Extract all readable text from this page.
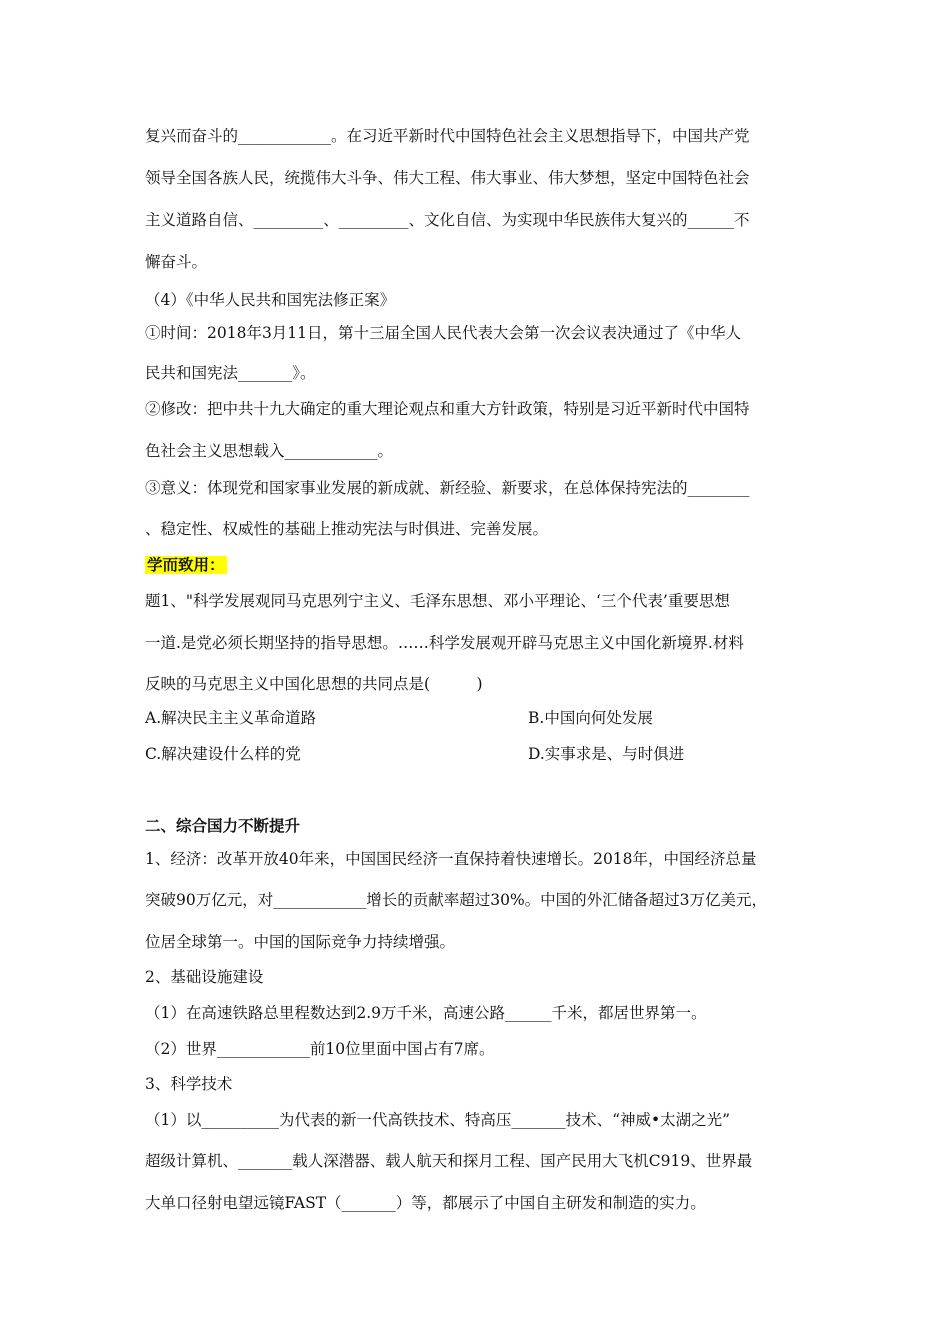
复兴而奋斗的____________。在习近平新时代中国特色社会主义思想指导下，中国共产党
领导全国各族人民，统揽伟大斗争、伟大工程、伟大事业、伟大梦想，坚定中国特色社会
主义道路自信、_________、_________、文化自信、为实现中华民族伟大复兴的______不
懈奋斗。
（4）《中华人民共和国宪法修正案》
①时间：2018年3月11日，第十三届全国人民代表大会第一次会议表决通过了《中华人
民共和国宪法_______》。
②修改：把中共十九大确定的重大理论观点和重大方针政策，特别是习近平新时代中国特
色社会主义思想载入____________。
③意义：体现党和国家事业发展的新成就、新经验、新要求，在总体保持宪法的________
、稳定性、权威性的基础上推动宪法与时俱进、完善发展。
学而致用：
题1、"科学发展观同马克思列宁主义、毛泽东思想、邓小平理论、‘三个代表’重要思想
一道.是党必须长期坚持的指导思想。……科学发展观开辟马克思主义中国化新境界.材料
反映的马克思主义中国化思想的共同点是(　　　)
A.解决民主主义革命道路	B.中国向何处发展
C.解决建设什么样的党	D.实事求是、与时俱进
二、综合国力不断提升
1、经济：改革开放40年来，中国国民经济一直保持着快速增长。2018年，中国经济总量
突破90万亿元，对____________增长的贡献率超过30%。中国的外汇储备超过3万亿美元，
位居全球第一。中国的国际竞争力持续增强。
2、基础设施建设
（1）在高速铁路总里程数达到2.9万千米，高速公路______千米，都居世界第一。
（2）世界____________前10位里面中国占有7席。
3、科学技术
（1）以__________为代表的新一代高铁技术、特高压_______技术、“神威•太湖之光”
超级计算机、_______载人深潜器、载人航天和探月工程、国产民用大飞机C919、世界最
大单口径射电望远镜FAST（_______）等，都展示了中国自主研发和制造的实力。
